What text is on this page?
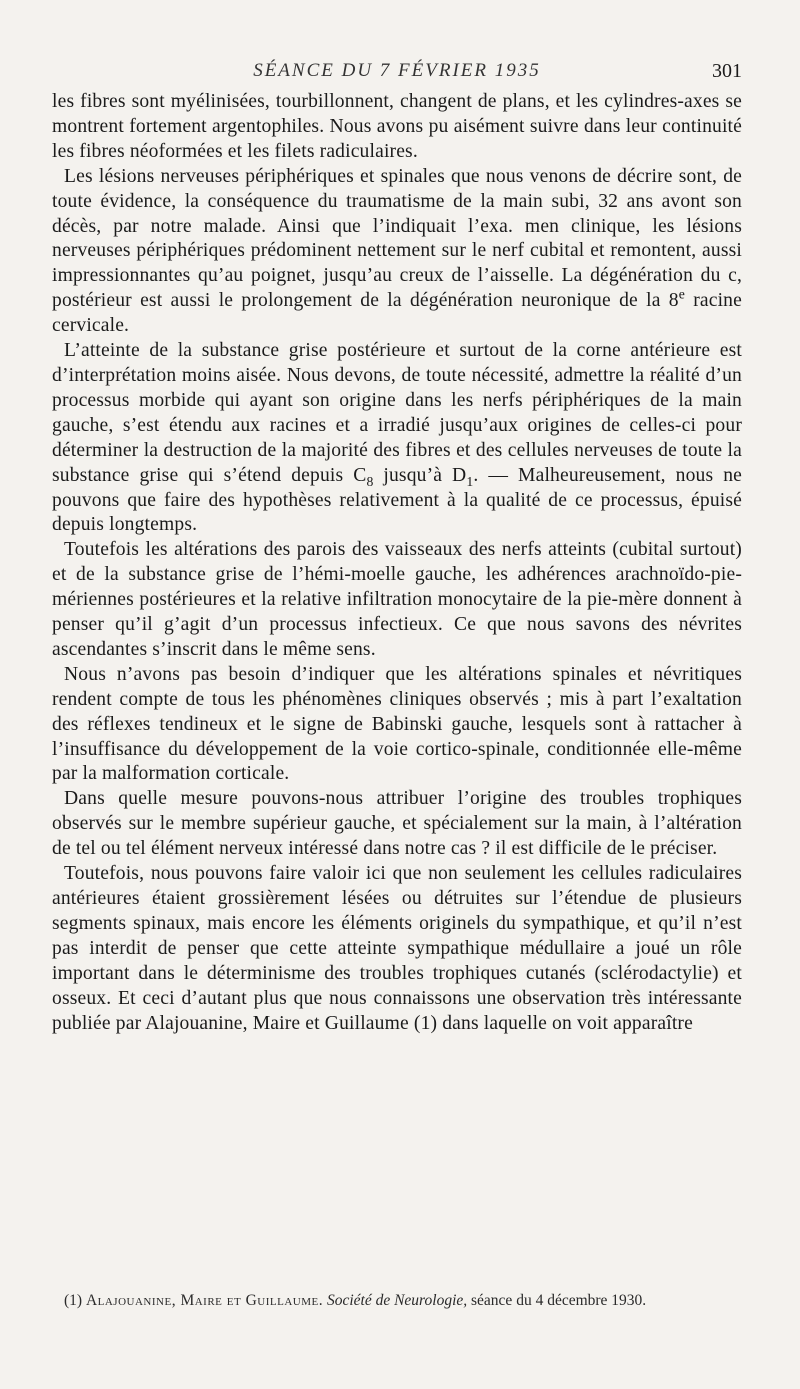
SÉANCE DU 7 FÉVRIER 1935	301

les fibres sont myélinisées, tourbillonnent, changent de plans, et les cylindres-axes se montrent fortement argentophiles. Nous avons pu aisément suivre dans leur continuité les fibres néoformées et les filets radiculaires.

Les lésions nerveuses périphériques et spinales que nous venons de décrire sont, de toute évidence, la conséquence du traumatisme de la main subi, 32 ans avont son décès, par notre malade. Ainsi que l’indiquait l’exa. men clinique, les lésions nerveuses périphériques prédominent nettement sur le nerf cubital et remontent, aussi impressionnantes qu’au poignet, jusqu’au creux de l’aisselle. La dégénération du c, postérieur est aussi le prolongement de la dégénération neuronique de la 8e racine cervicale.

L’atteinte de la substance grise postérieure et surtout de la corne antérieure est d’interprétation moins aisée. Nous devons, de toute nécessité, admettre la réalité d’un processus morbide qui ayant son origine dans les nerfs périphériques de la main gauche, s’est étendu aux racines et a irradié jusqu’aux origines de celles-ci pour déterminer la destruction de la majorité des fibres et des cellules nerveuses de toute la substance grise qui s’étend depuis $C_8$ jusqu’à $D_1$. — Malheureusement, nous ne pouvons que faire des hypothèses relativement à la qualité de ce processus, épuisé depuis longtemps.

Toutefois les altérations des parois des vaisseaux des nerfs atteints (cubital surtout) et de la substance grise de l’hémi-moelle gauche, les adhérences arachnoïdo-pie-mériennes postérieures et la relative infiltration monocytaire de la pie-mère donnent à penser qu’il g’agit d’un processus infectieux. Ce que nous savons des névrites ascendantes s’inscrit dans le même sens.

Nous n’avons pas besoin d’indiquer que les altérations spinales et névritiques rendent compte de tous les phénomènes cliniques observés ; mis à part l’exaltation des réflexes tendineux et le signe de Babinski gauche, lesquels sont à rattacher à l’insuffisance du développement de la voie cortico-spinale, conditionnée elle-même par la malformation corticale.

Dans quelle mesure pouvons-nous attribuer l’origine des troubles trophiques observés sur le membre supérieur gauche, et spécialement sur la main, à l’altération de tel ou tel élément nerveux intéressé dans notre cas ? il est difficile de le préciser.

Toutefois, nous pouvons faire valoir ici que non seulement les cellules radiculaires antérieures étaient grossièrement lésées ou détruites sur l’étendue de plusieurs segments spinaux, mais encore les éléments originels du sympathique, et qu’il n’est pas interdit de penser que cette atteinte sympathique médullaire a joué un rôle important dans le déterminisme des troubles trophiques cutanés (sclérodactylie) et osseux. Et ceci d’autant plus que nous connaissons une observation très intéressante publiée par Alajouanine, Maire et Guillaume (1) dans laquelle on voit apparaître

(1) Alajouanine, Maire et Guillaume. Société de Neurologie, séance du 4 décembre 1930.
